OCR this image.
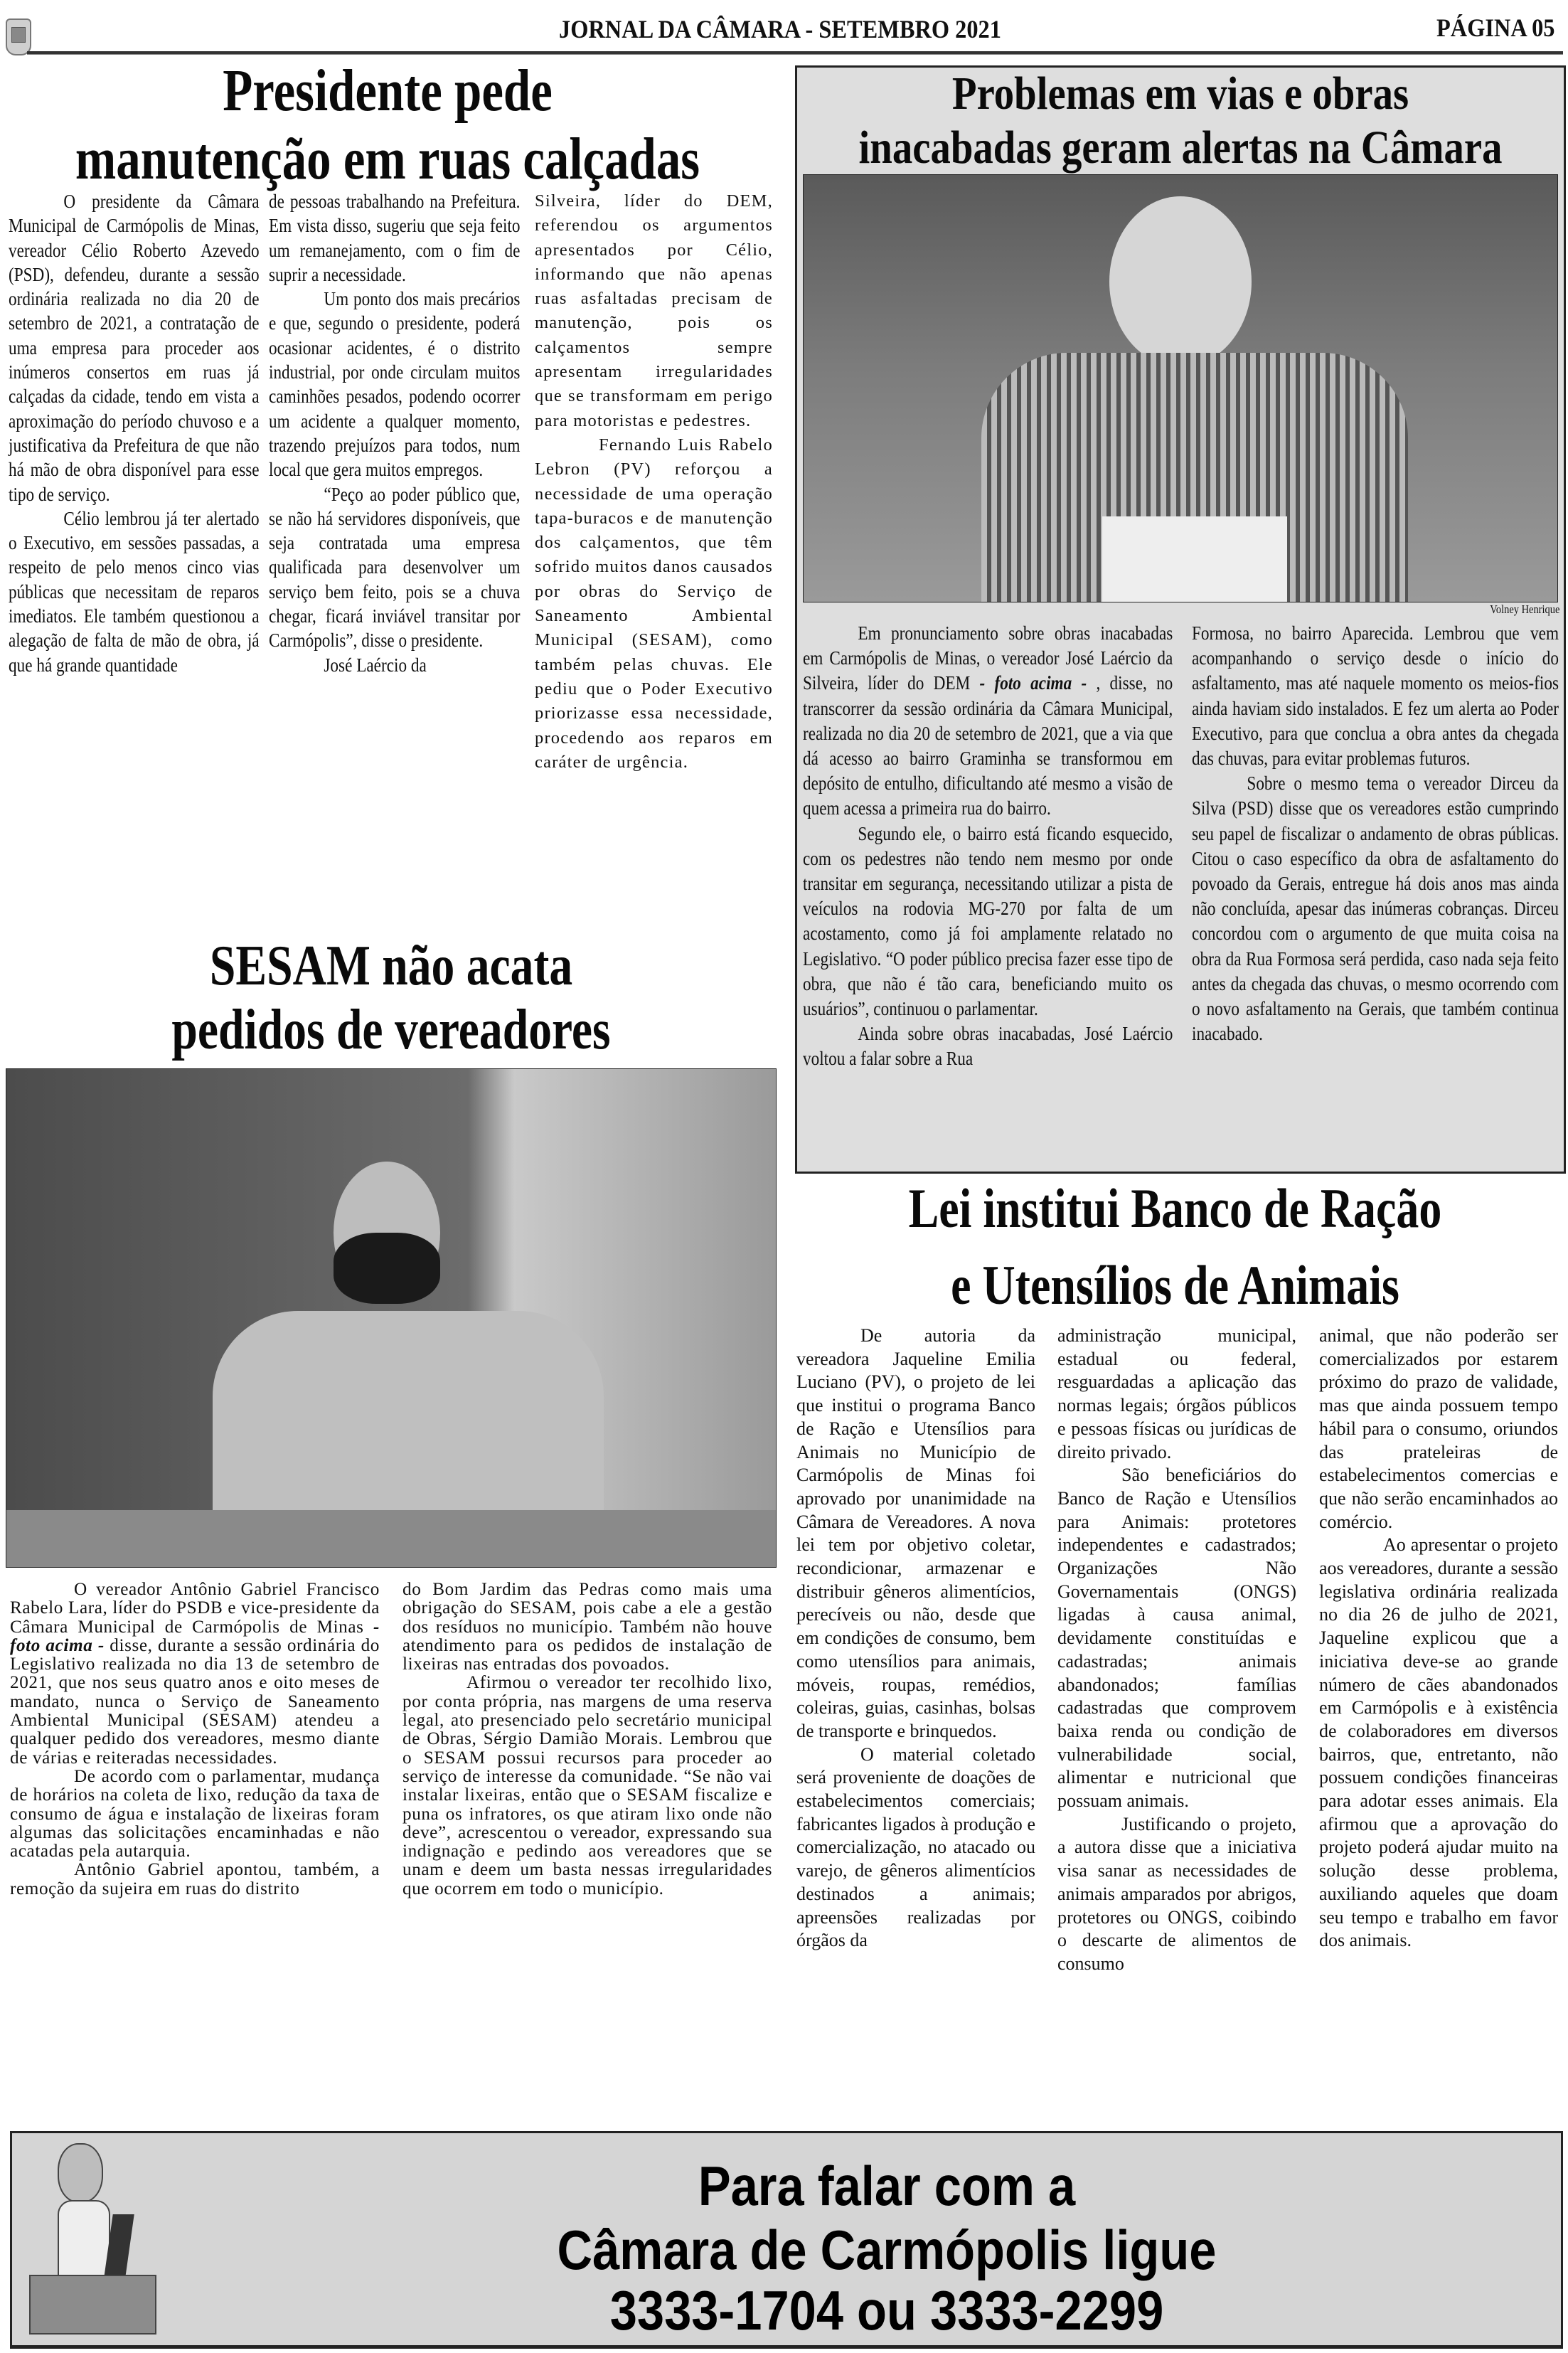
JORNAL DA CÂMARA - SETEMBRO 2021	PÁGINA 05
Presidente pede
manutenção em ruas calçadas

O presidente da Câmara Municipal de Carmópolis de Minas, vereador Célio Roberto Azevedo (PSD), defendeu, durante a sessão ordinária realizada no dia 20 de setembro de 2021, a contratação de uma empresa para proceder aos inúmeros consertos em ruas já calçadas da cidade, tendo em vista a aproximação do período chuvoso e a justificativa da Prefeitura de que não há mão de obra disponível para esse tipo de serviço.

Célio lembrou já ter alertado o Executivo, em sessões passadas, a respeito de pelo menos cinco vias públicas que necessitam de reparos imediatos. Ele também questionou a alegação de falta de mão de obra, já que há grande quantidade

de pessoas trabalhando na Prefeitura. Em vista disso, sugeriu que seja feito um remanejamento, com o fim de suprir a necessidade.

Um ponto dos mais precários e que, segundo o presidente, poderá ocasionar acidentes, é o distrito industrial, por onde circulam muitos caminhões pesados, podendo ocorrer um acidente a qualquer momento, trazendo prejuízos para todos, num local que gera muitos empregos.

“Peço ao poder público que, se não há servidores disponíveis, que seja contratada uma empresa qualificada para desenvolver um serviço bem feito, pois se a chuva chegar, ficará inviável transitar por Carmópolis”, disse o presidente.

José Laércio da

Silveira, líder do DEM, referendou os argumentos apresentados por Célio, informando que não apenas ruas asfaltadas precisam de manutenção, pois os calçamentos sempre apresentam irregularidades que se transformam em perigo para motoristas e pedestres.

Fernando Luis Rabelo Lebron (PV) reforçou a necessidade de uma operação tapa-buracos e de manutenção dos calçamentos, que têm sofrido muitos danos causados por obras do Serviço de Saneamento Ambiental Municipal (SESAM), como também pelas chuvas. Ele pediu que o Poder Executivo priorizasse essa necessidade, procedendo aos reparos em caráter de urgência.

Problemas em vias e obras
inacabadas geram alertas na Câmara
Volney Henrique

Em pronunciamento sobre obras inacabadas em Carmópolis de Minas, o vereador José Laércio da Silveira, líder do DEM - foto acima - , disse, no transcorrer da sessão ordinária da Câmara Municipal, realizada no dia 20 de setembro de 2021, que a via que dá acesso ao bairro Graminha se transformou em depósito de entulho, dificultando até mesmo a visão de quem acessa a primeira rua do bairro.

Segundo ele, o bairro está ficando esquecido, com os pedestres não tendo nem mesmo por onde transitar em segurança, necessitando utilizar a pista de veículos na rodovia MG-270 por falta de um acostamento, como já foi amplamente relatado no Legislativo. “O poder público precisa fazer esse tipo de obra, que não é tão cara, beneficiando muito os usuários”, continuou o parlamentar.

Ainda sobre obras inacabadas, José Laércio voltou a falar sobre a Rua

Formosa, no bairro Aparecida. Lembrou que vem acompanhando o serviço desde o início do asfaltamento, mas até naquele momento os meios-fios ainda haviam sido instalados. E fez um alerta ao Poder Executivo, para que conclua a obra antes da chegada das chuvas, para evitar problemas futuros.

Sobre o mesmo tema o vereador Dirceu da Silva (PSD) disse que os vereadores estão cumprindo seu papel de fiscalizar o andamento de obras públicas. Citou o caso específico da obra de asfaltamento do povoado da Gerais, entregue há dois anos mas ainda não concluída, apesar das inúmeras cobranças. Dirceu concordou com o argumento de que muita coisa na obra da Rua Formosa será perdida, caso nada seja feito antes da chegada das chuvas, o mesmo ocorrendo com o novo asfaltamento na Gerais, que também continua inacabado.

SESAM não acata
pedidos de vereadores

O vereador Antônio Gabriel Francisco Rabelo Lara, líder do PSDB e vice-presidente da Câmara Municipal de Carmópolis de Minas - foto acima - disse, durante a sessão ordinária do Legislativo realizada no dia 13 de setembro de 2021, que nos seus quatro anos e oito meses de mandato, nunca o Serviço de Saneamento Ambiental Municipal (SESAM) atendeu a qualquer pedido dos vereadores, mesmo diante de várias e reiteradas necessidades.

De acordo com o parlamentar, mudança de horários na coleta de lixo, redução da taxa de consumo de água e instalação de lixeiras foram algumas das solicitações encaminhadas e não acatadas pela autarquia.

Antônio Gabriel apontou, também, a remoção da sujeira em ruas do distrito

do Bom Jardim das Pedras como mais uma obrigação do SESAM, pois cabe a ele a gestão dos resíduos no município. Também não houve atendimento para os pedidos de instalação de lixeiras nas entradas dos povoados.

Afirmou o vereador ter recolhido lixo, por conta própria, nas margens de uma reserva legal, ato presenciado pelo secretário municipal de Obras, Sérgio Damião Morais. Lembrou que o SESAM possui recursos para proceder ao serviço de interesse da comunidade. “Se não vai instalar lixeiras, então que o SESAM fiscalize e puna os infratores, os que atiram lixo onde não deve”, acrescentou o vereador, expressando sua indignação e pedindo aos vereadores que se unam e deem um basta nessas irregularidades que ocorrem em todo o município.

Lei institui Banco de Ração
e Utensílios de Animais

De autoria da vereadora Jaqueline Emilia Luciano (PV), o projeto de lei que institui o programa Banco de Ração e Utensílios para Animais no Município de Carmópolis de Minas foi aprovado por unanimidade na Câmara de Vereadores. A nova lei tem por objetivo coletar, recondicionar, armazenar e distribuir gêneros alimentícios, perecíveis ou não, desde que em condições de consumo, bem como utensílios para animais, móveis, roupas, remédios, coleiras, guias, casinhas, bolsas de transporte e brinquedos.

O material coletado será proveniente de doações de estabelecimentos comerciais; fabricantes ligados à produção e comercialização, no atacado ou varejo, de gêneros alimentícios destinados a animais; apreensões realizadas por órgãos da

administração municipal, estadual ou federal, resguardadas a aplicação das normas legais; órgãos públicos e pessoas físicas ou jurídicas de direito privado.

São beneficiários do Banco de Ração e Utensílios para Animais: protetores independentes e cadastrados; Organizações Não Governamentais (ONGS) ligadas à causa animal, devidamente constituídas e cadastradas; animais abandonados; famílias cadastradas que comprovem baixa renda ou condição de vulnerabilidade social, alimentar e nutricional que possuam animais.

Justificando o projeto, a autora disse que a iniciativa visa sanar as necessidades de animais amparados por abrigos, protetores ou ONGS, coibindo o descarte de alimentos de consumo

animal, que não poderão ser comercializados por estarem próximo do prazo de validade, mas que ainda possuem tempo hábil para o consumo, oriundos das prateleiras de estabelecimentos comercias e que não serão encaminhados ao comércio.

Ao apresentar o projeto aos vereadores, durante a sessão legislativa ordinária realizada no dia 26 de julho de 2021, Jaqueline explicou que a iniciativa deve-se ao grande número de cães abandonados em Carmópolis e à existência de colaboradores em diversos bairros, que, entretanto, não possuem condições financeiras para adotar esses animais. Ela afirmou que a aprovação do projeto poderá ajudar muito na solução desse problema, auxiliando aqueles que doam seu tempo e trabalho em favor dos animais.

Para falar com a
Câmara de Carmópolis ligue
3333-1704 ou 3333-2299
